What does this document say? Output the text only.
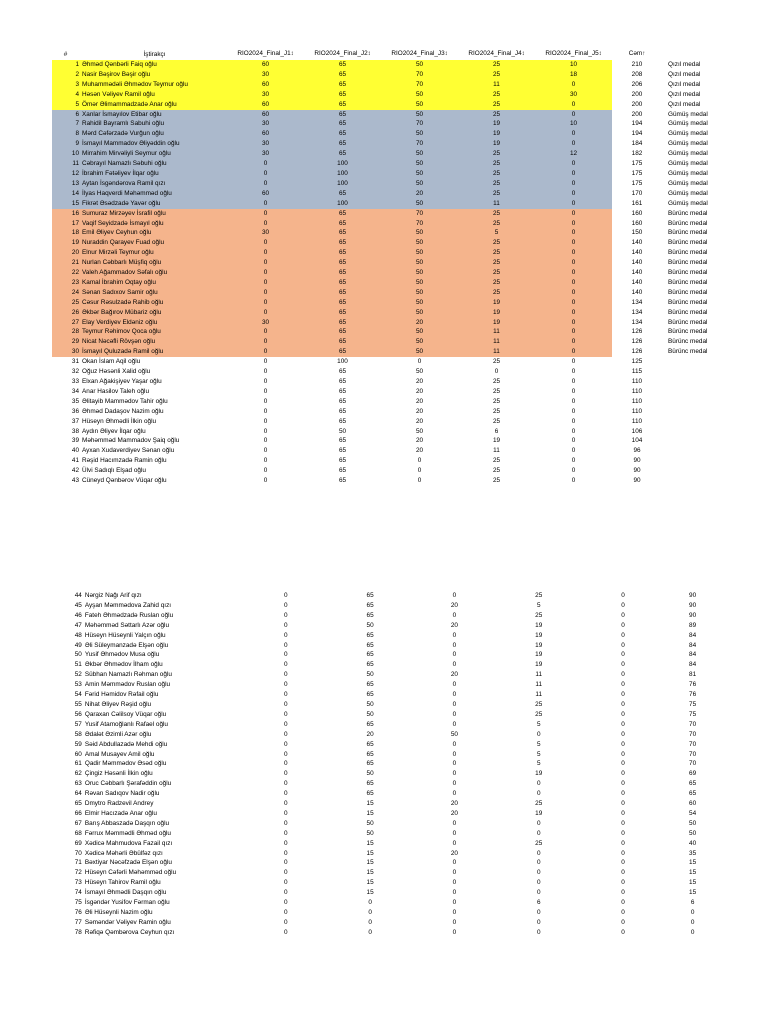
#	İştirakçı	RIO2024_Final_J1↕	RIO2024_Final_J2↕	RIO2024_Final_J3↕	RIO2024_Final_J4↕	RIO2024_Final_J5↕	Cəm↑	
1	Əhməd Qənbərli Faiq oğlu	60	65	50	25	10	210	Qızıl medal
2	Nasir Bəşirov Bəşir oğlu	30	65	70	25	18	208	Qızıl medal
3	Muhammədəli Əhmədov Teymur oğlu	60	65	70	11	0	206	Qızıl medal
4	Həsən Vəliyev Ramil oğlu	30	65	50	25	30	200	Qızıl medal
5	Ömər Əlimammadzadə Anar oğlu	60	65	50	25	0	200	Qızıl medal
6	Xanlar İsmayılov Etibar oğlu	60	65	50	25	0	200	Gümüş medal
7	Rahidil Bayramlı Sabuhi oğlu	30	65	70	19	10	194	Gümüş medal
8	Mərd Cəfərzadə Vurğun oğlu	60	65	50	19	0	194	Gümüş medal
9	İsmayıl Mammadov Əliyəddin oğlu	30	65	70	19	0	184	Gümüş medal
10	Mirrahim Mirvəliyli Seymur oğlu	30	65	50	25	12	182	Gümüş medal
11	Cəbrayıl Namazlı Səbuhi oğlu	0	100	50	25	0	175	Gümüş medal
12	İbrahim Fətəliyev İlqar oğlu	0	100	50	25	0	175	Gümüş medal
13	Aytan İsgəndərova Ramil qızı	0	100	50	25	0	175	Gümüş medal
14	İlyas Haqverdi Məhəmməd oğlu	60	65	20	25	0	170	Gümüş medal
15	Fikrət Əsədzadə Yavər oğlu	0	100	50	11	0	161	Gümüş medal
16	Sumuraz Mirzəyev İsrafil oğlu	0	65	70	25	0	160	Bürünc medal
17	Vaqif Seyidzadə İsmayıl oğlu	0	65	70	25	0	160	Bürünc medal
18	Emil Əliyev Ceyhun oğlu	30	65	50	5	0	150	Bürünc medal
19	Nuraddin Qarayev Fuad oğlu	0	65	50	25	0	140	Bürünc medal
20	Elnur Mirzəli Teymur oğlu	0	65	50	25	0	140	Bürünc medal
21	Nurlan Cəbbarlı Müşfiq oğlu	0	65	50	25	0	140	Bürünc medal
22	Valeh Ağammadov Səfalı oğlu	0	65	50	25	0	140	Bürünc medal
23	Kamal İbrahim Oqtay oğlu	0	65	50	25	0	140	Bürünc medal
24	Sənan Sadıxov Samir oğlu	0	65	50	25	0	140	Bürünc medal
25	Cəsur Rəsulzadə Rahib oğlu	0	65	50	19	0	134	Bürünc medal
26	Əkbər Bağırov Mübariz oğlu	0	65	50	19	0	134	Bürünc medal
27	Elay Verdiyev Eldəniz oğlu	30	65	20	19	0	134	Bürünc medal
28	Teymur Rəhimov Qoca oğlu	0	65	50	11	0	126	Bürünc medal
29	Nicat Nəcəfli Rövşən oğlu	0	65	50	11	0	126	Bürünc medal
30	İsmayıl Quluzadə Ramil oğlu	0	65	50	11	0	126	Bürünc medal
31	Okan İslam Aqil oğlu	0	100	0	25	0	125	
32	Oğuz Həsənli Xalid oğlu	0	65	50	0	0	115	
33	Elxan Ağakişiyev Yaşar oğlu	0	65	20	25	0	110	
34	Anar Hasilov Taleh oğlu	0	65	20	25	0	110	
35	Əlitayib Mammədov Tahir oğlu	0	65	20	25	0	110	
36	Əhməd Dadaşov Nazim oğlu	0	65	20	25	0	110	
37	Hüseyn Əhmədli İlkin oğlu	0	65	20	25	0	110	
38	Aydın Əliyev İlqar oğlu	0	50	50	6	0	106	
39	Məhəmməd Mammadov Şaiq oğlu	0	65	20	19	0	104	
40	Ayxan Xudaverdiyev Sənan oğlu	0	65	20	11	0	96	
41	Rəşid Hacımzadə Ramin oğlu	0	65	0	25	0	90	
42	Ülvi Sadıqlı Elşad oğlu	0	65	0	25	0	90	
43	Cüneyd Qənbərov Vüqar oğlu	0	65	0	25	0	90	
44	Nərgiz Nağı Arif qızı	0	65	0	25	0	90
45	Ayşan Məmmədova Zahid qızı	0	65	20	5	0	90
46	Fateh Əhmədzadə Ruslan oğlu	0	65	0	25	0	90
47	Məhəmməd Səttarlı Azər oğlu	0	50	20	19	0	89
48	Hüseyn Hüseynli Yalçın oğlu	0	65	0	19	0	84
49	Əli Süleymanzadə Elşən oğlu	0	65	0	19	0	84
50	Yusif Əhmədov Musa oğlu	0	65	0	19	0	84
51	Əkbər Əhmədov İlham oğlu	0	65	0	19	0	84
52	Sübhan Namazlı Rəhman oğlu	0	50	20	11	0	81
53	Amin Məmmədov Ruslan oğlu	0	65	0	11	0	76
54	Fərid Həmidov Rəfail oğlu	0	65	0	11	0	76
55	Nihat Əliyev Rəşid oğlu	0	50	0	25	0	75
56	Qaraxan Cəlilsoy Vüqar oğlu	0	50	0	25	0	75
57	Yusif Atamoğlanlı Rafael oğlu	0	65	0	5	0	70
58	Ədalət Əzimli Azər oğlu	0	20	50	0	0	70
59	Səid Abdullazadə Mehdi oğlu	0	65	0	5	0	70
60	Amal Musayev Amil oğlu	0	65	0	5	0	70
61	Qadir Məmmədov Əsəd oğlu	0	65	0	5	0	70
62	Çingiz Həsənli İlkin oğlu	0	50	0	19	0	69
63	Oruc Cəbbarlı Şərafəddin oğlu	0	65	0	0	0	65
64	Rəvan Sadıqov Nadir oğlu	0	65	0	0	0	65
65	Dmytro Radzevil Andrey	0	15	20	25	0	60
66	Elmir Hacızadə Anar oğlu	0	15	20	19	0	54
67	Barış Abbaszadə Daşqın oğlu	0	50	0	0	0	50
68	Fərrux Məmmədli Əhməd oğlu	0	50	0	0	0	50
69	Xədicə Mahmudova Fazail qızı	0	15	0	25	0	40
70	Xədicə Məhərli Əbülfəz qızı	0	15	20	0	0	35
71	Bəxtiyar Nəcəfzadə Elşən oğlu	0	15	0	0	0	15
72	Hüseyn Cəfərli Məhəmməd oğlu	0	15	0	0	0	15
73	Hüseyn Tahirov Ramil oğlu	0	15	0	0	0	15
74	İsmayıl Əhmədli Daşqın oğlu	0	15	0	0	0	15
75	İsgəndər Yusifov Fərman oğlu	0	0	0	6	0	6
76	Əli Hüseynli Nazim oğlu	0	0	0	0	0	0
77	Səməndər Vəliyev Ramin oğlu	0	0	0	0	0	0
78	Rəfiqə Qəmbərova Ceyhun qızı	0	0	0	0	0	0
